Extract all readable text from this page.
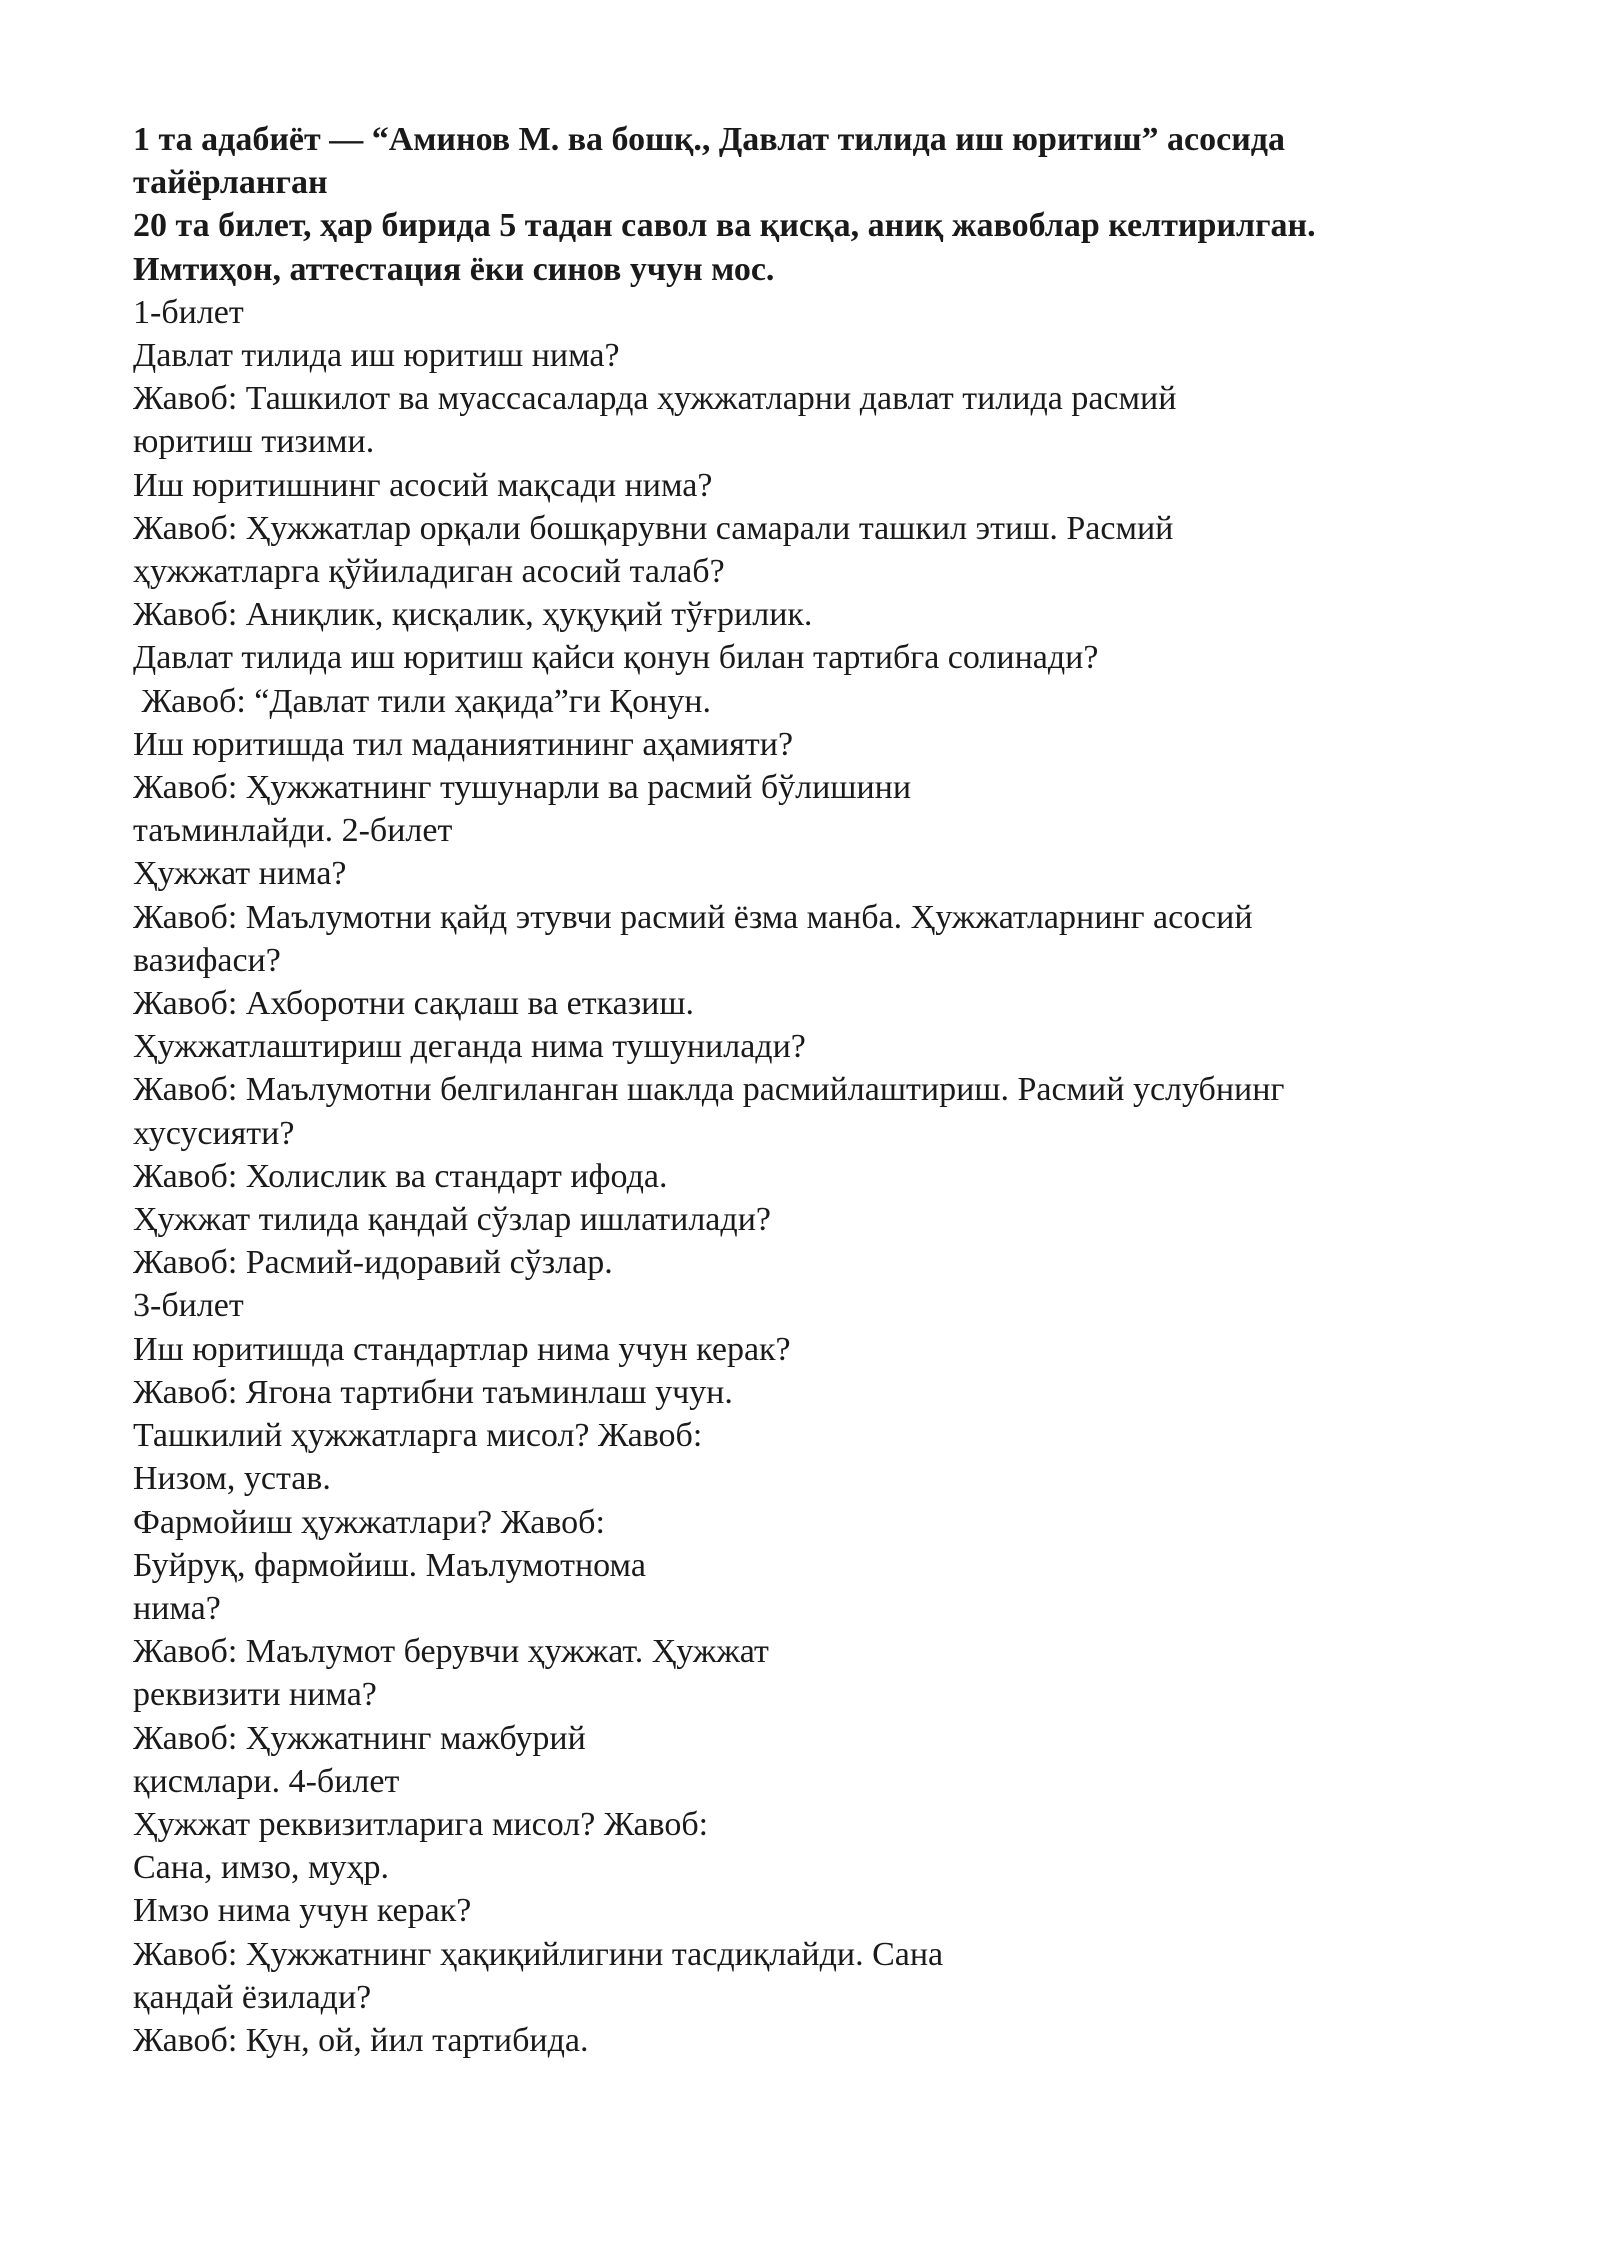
1 та адабиёт — “Аминов М. ва бошқ., Давлат тилида иш юритиш” асосида
тайёрланган
20 та билет, ҳар бирида 5 тадан савол ва қисқа, аниқ жавоблар келтирилган.
Имтиҳон, аттестация ёки синов учун мос.
1-билет
Давлат тилида иш юритиш нима?
Жавоб: Ташкилот ва муассасаларда ҳужжатларни давлат тилида расмий
юритиш тизими.
Иш юритишнинг асосий мақсади нима?
Жавоб: Ҳужжатлар орқали бошқарувни самарали ташкил этиш. Расмий
ҳужжатларга қўйиладиган асосий талаб?
Жавоб: Аниқлик, қисқалик, ҳуқуқий тўғрилик.
Давлат тилида иш юритиш қайси қонун билан тартибга солинади?
Жавоб: “Давлат тили ҳақида”ги Қонун.
Иш юритишда тил маданиятининг аҳамияти?
Жавоб: Ҳужжатнинг тушунарли ва расмий бўлишини
таъминлайди. 2-билет
Ҳужжат нима?
Жавоб: Маълумотни қайд этувчи расмий ёзма манба. Ҳужжатларнинг асосий
вазифаси?
Жавоб: Ахборотни сақлаш ва етказиш.
Ҳужжатлаштириш деганда нима тушунилади?
Жавоб: Маълумотни белгиланган шаклда расмийлаштириш. Расмий услубнинг
хусусияти?
Жавоб: Холислик ва стандарт ифода.
Ҳужжат тилида қандай сўзлар ишлатилади?
Жавоб: Расмий-идоравий сўзлар.
3-билет
Иш юритишда стандартлар нима учун керак?
Жавоб: Ягона тартибни таъминлаш учун.
Ташкилий ҳужжатларга мисол? Жавоб:
Низом, устав.
Фармойиш ҳужжатлари? Жавоб:
Буйруқ, фармойиш. Маълумотнома
нима?
Жавоб: Маълумот берувчи ҳужжат. Ҳужжат
реквизити нима?
Жавоб: Ҳужжатнинг мажбурий
қисмлари. 4-билет
Ҳужжат реквизитларига мисол? Жавоб:
Сана, имзо, муҳр.
Имзо нима учун керак?
Жавоб: Ҳужжатнинг ҳақиқийлигини тасдиқлайди. Сана
қандай ёзилади?
Жавоб: Кун, ой, йил тартибида.
